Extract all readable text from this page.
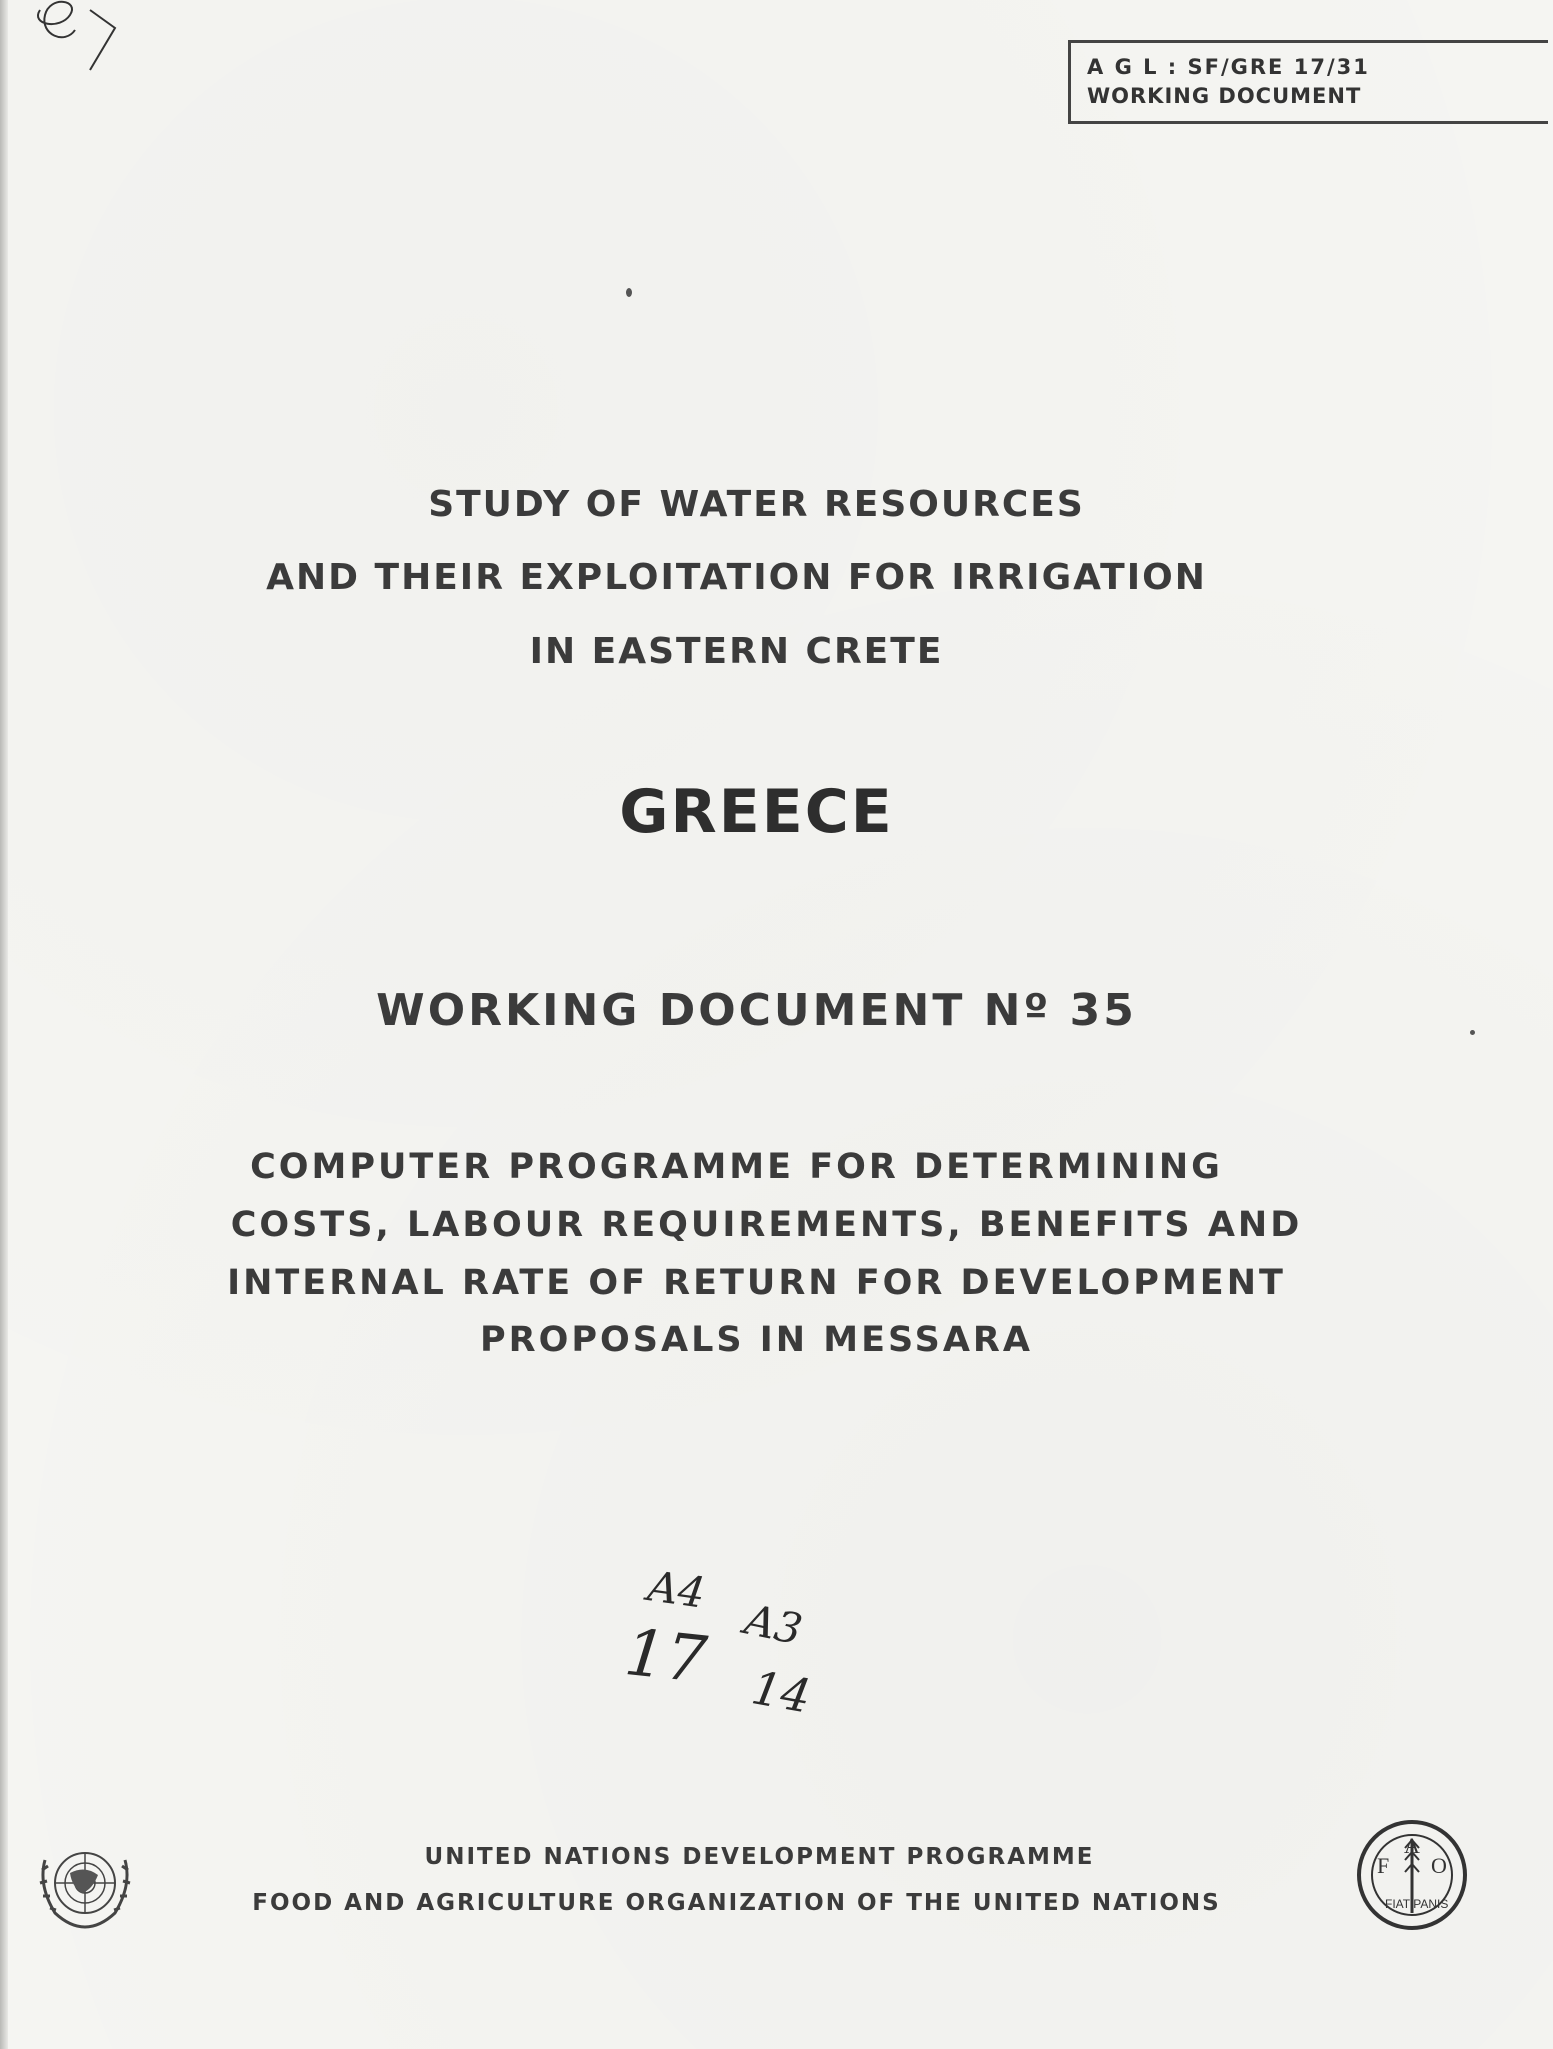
8
A G L : SF/GRE 17/31
WORKING DOCUMENT
STUDY OF WATER RESOURCES
AND THEIR EXPLOITATION FOR IRRIGATION
IN EASTERN CRETE
GREECE
WORKING DOCUMENT Nº 35
COMPUTER PROGRAMME FOR DETERMINING
COSTS, LABOUR REQUIREMENTS, BENEFITS AND
INTERNAL RATE OF RETURN FOR DEVELOPMENT
PROPOSALS IN MESSARA
A4
17 A3
14
UNITED NATIONS DEVELOPMENT PROGRAMME
FOOD AND AGRICULTURE ORGANIZATION OF THE UNITED NATIONS
F
A
O
FIAT PANIS
